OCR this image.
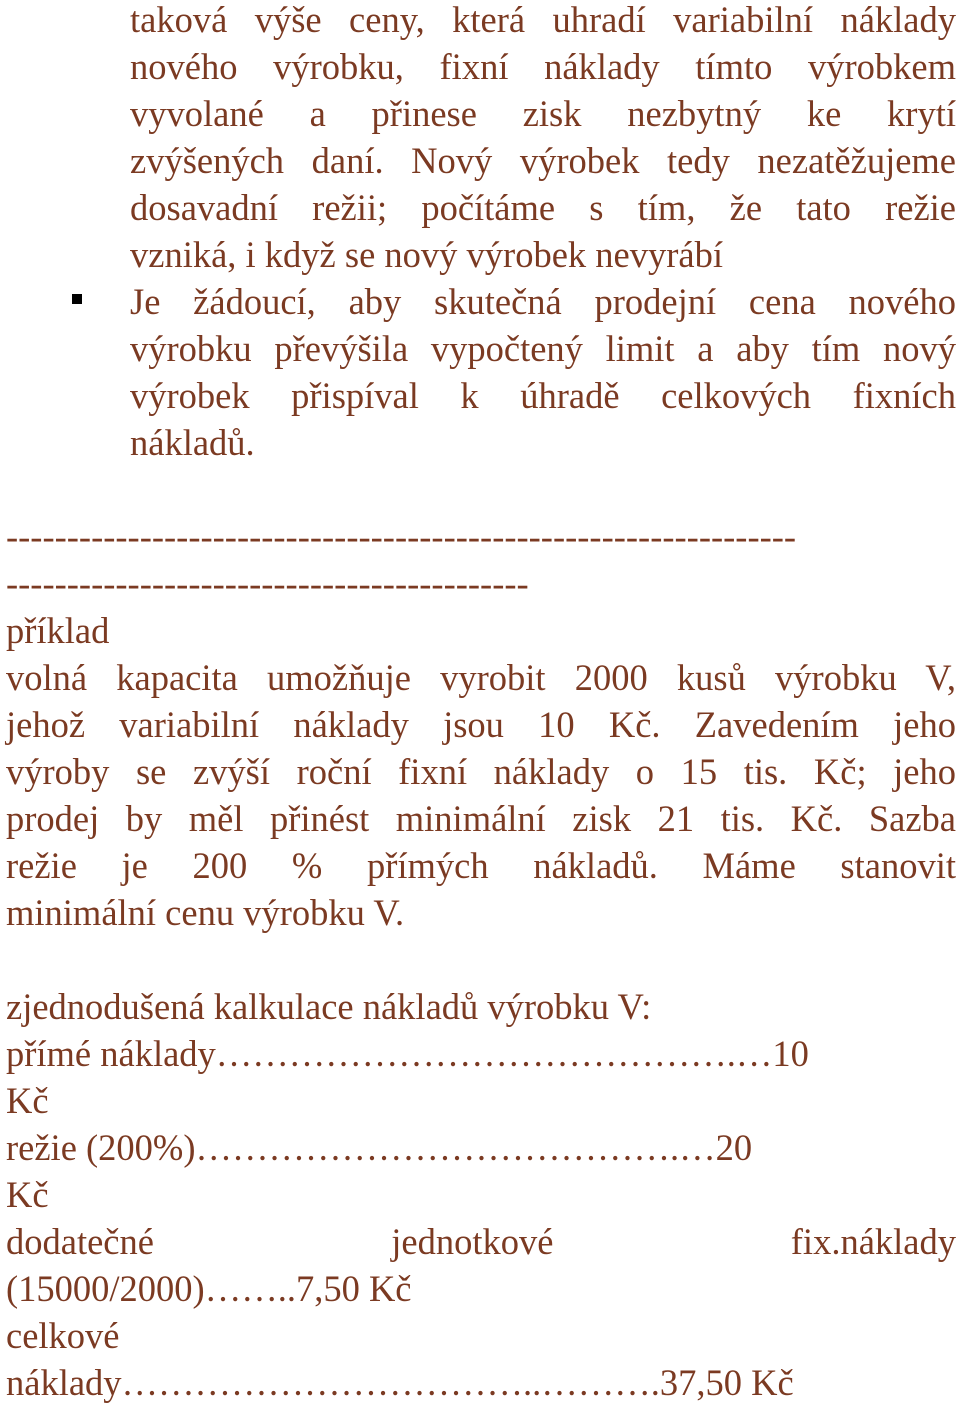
taková výše ceny, která uhradí variabilní náklady
nového výrobku, fixní náklady tímto výrobkem
vyvolané a přinese zisk nezbytný ke krytí
zvýšených daní. Nový výrobek tedy nezatěžujeme
dosavadní režii; počítáme s tím, že tato režie
vzniká, i když se nový výrobek nevyrábí
Je žádoucí, aby skutečná prodejní cena nového
výrobku převýšila vypočtený limit a aby tím nový
výrobek přispíval k úhradě celkových fixních
nákladů.
-----------------------------------------------------------------
-------------------------------------------
příklad
volná kapacita umožňuje vyrobit 2000 kusů výrobku V,
jehož variabilní náklady jsou 10 Kč. Zavedením jeho
výroby se zvýší roční fixní náklady o 15 tis. Kč; jeho
prodej by měl přinést minimální zisk 21 tis. Kč. Sazba
režie je 200 % přímých nákladů. Máme stanovit
minimální cenu výrobku V.
zjednodušená kalkulace nákladů výrobku V:
přímé náklady…………………………………….…10
Kč
režie (200%)………………………………….…20
Kč
dodatečné jednotkové fix.náklady
(15000/2000)……..7,50 Kč
celkové
náklady……………………………..……….37,50 Kč
